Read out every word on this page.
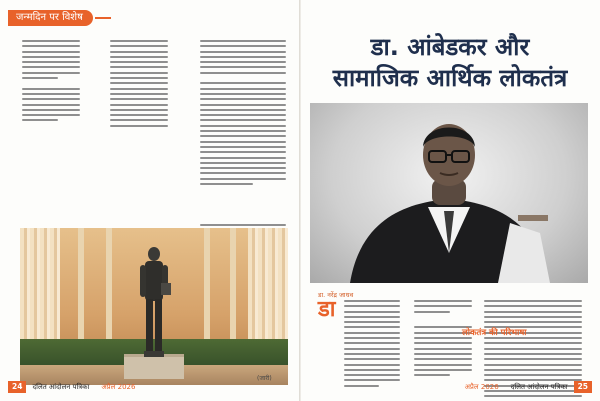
जन्मदिन पर विशेष
(जारी)
24	दलित आंदोलन पत्रिका	अप्रैल 2026
डा. आंबेडकर और
सामाजिक आर्थिक लोकतंत्र
डा. नरेंद्र जाधव
डा
लोकतंत्र की परिभाषा
अप्रैल 2026	दलित आंदोलन पत्रिका	25
